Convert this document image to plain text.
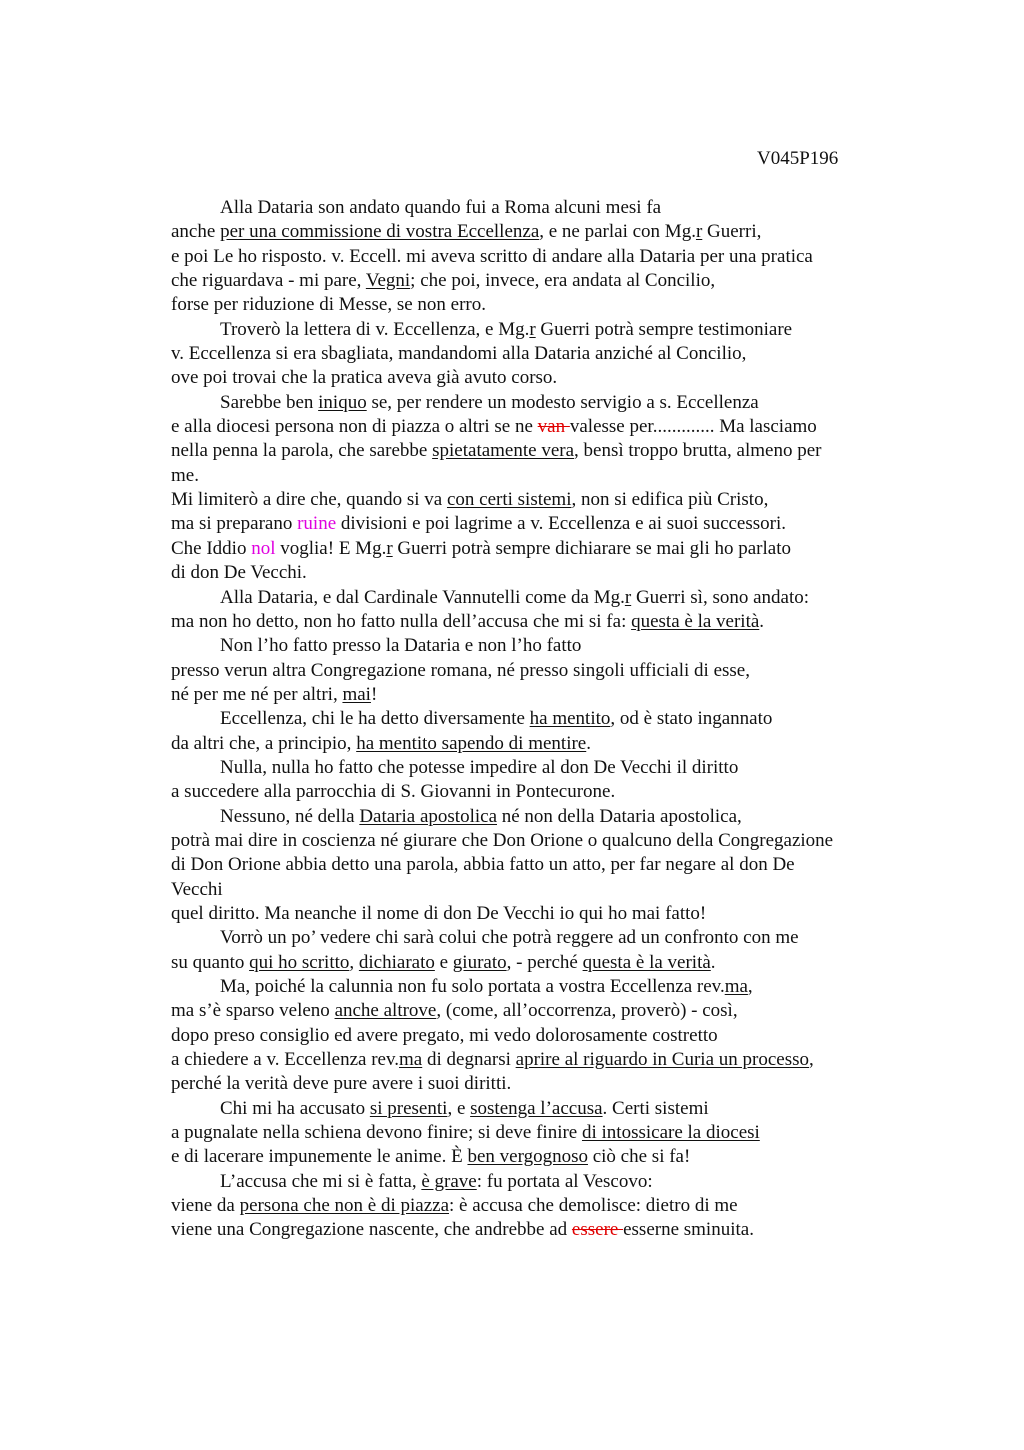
V045P196
Alla Dataria son andato quando fui a Roma alcuni mesi fa
anche per una commissione di vostra Eccellenza, e ne parlai con Mg.r Guerri,
e poi Le ho risposto. v. Eccell. mi aveva scritto di andare alla Dataria per una pratica
che riguardava - mi pare, Vegni; che poi, invece, era andata al Concilio,
forse per riduzione di Messe, se non erro.
Troverò la lettera di v. Eccellenza, e Mg.r Guerri potrà sempre testimoniare
v. Eccellenza si era sbagliata, mandandomi alla Dataria anziché al Concilio,
ove poi trovai che la pratica aveva già avuto corso.
Sarebbe ben iniquo se, per rendere un modesto servigio a s. Eccellenza
e alla diocesi persona non di piazza o altri se ne van valesse per............. Ma lasciamo
nella penna la parola, che sarebbe spietatamente vera, bensì troppo brutta, almeno per
me.
Mi limiterò a dire che, quando si va con certi sistemi, non si edifica più Cristo,
ma si preparano ruine divisioni e poi lagrime a v. Eccellenza e ai suoi successori.
Che Iddio nol voglia! E Mg.r Guerri potrà sempre dichiarare se mai gli ho parlato
di don De Vecchi.
Alla Dataria, e dal Cardinale Vannutelli come da Mg.r Guerri sì, sono andato:
ma non ho detto, non ho fatto nulla dell’accusa che mi si fa: questa è la verità.
Non l’ho fatto presso la Dataria e non l’ho fatto
presso verun altra Congregazione romana, né presso singoli ufficiali di esse,
né per me né per altri, mai!
Eccellenza, chi le ha detto diversamente ha mentito, od è stato ingannato
da altri che, a principio, ha mentito sapendo di mentire.
Nulla, nulla ho fatto che potesse impedire al don De Vecchi il diritto
a succedere alla parrocchia di S. Giovanni in Pontecurone.
Nessuno, né della Dataria apostolica né non della Dataria apostolica,
potrà mai dire in coscienza né giurare che Don Orione o qualcuno della Congregazione
di Don Orione abbia detto una parola, abbia fatto un atto, per far negare al don De
Vecchi
quel diritto. Ma neanche il nome di don De Vecchi io qui ho mai fatto!
Vorrò un po’ vedere chi sarà colui che potrà reggere ad un confronto con me
su quanto qui ho scritto, dichiarato e giurato, - perché questa è la verità.
Ma, poiché la calunnia non fu solo portata a vostra Eccellenza rev.ma,
ma s’è sparso veleno anche altrove, (come, all’occorrenza, proverò) - così,
dopo preso consiglio ed avere pregato, mi vedo dolorosamente costretto
a chiedere a v. Eccellenza rev.ma di degnarsi aprire al riguardo in Curia un processo,
perché la verità deve pure avere i suoi diritti.
Chi mi ha accusato si presenti, e sostenga l’accusa. Certi sistemi
a pugnalate nella schiena devono finire; si deve finire di intossicare la diocesi
e di lacerare impunemente le anime. È ben vergognoso ciò che si fa!
L’accusa che mi si è fatta, è grave: fu portata al Vescovo:
viene da persona che non è di piazza: è accusa che demolisce: dietro di me
viene una Congregazione nascente, che andrebbe ad essere esserne sminuita.
